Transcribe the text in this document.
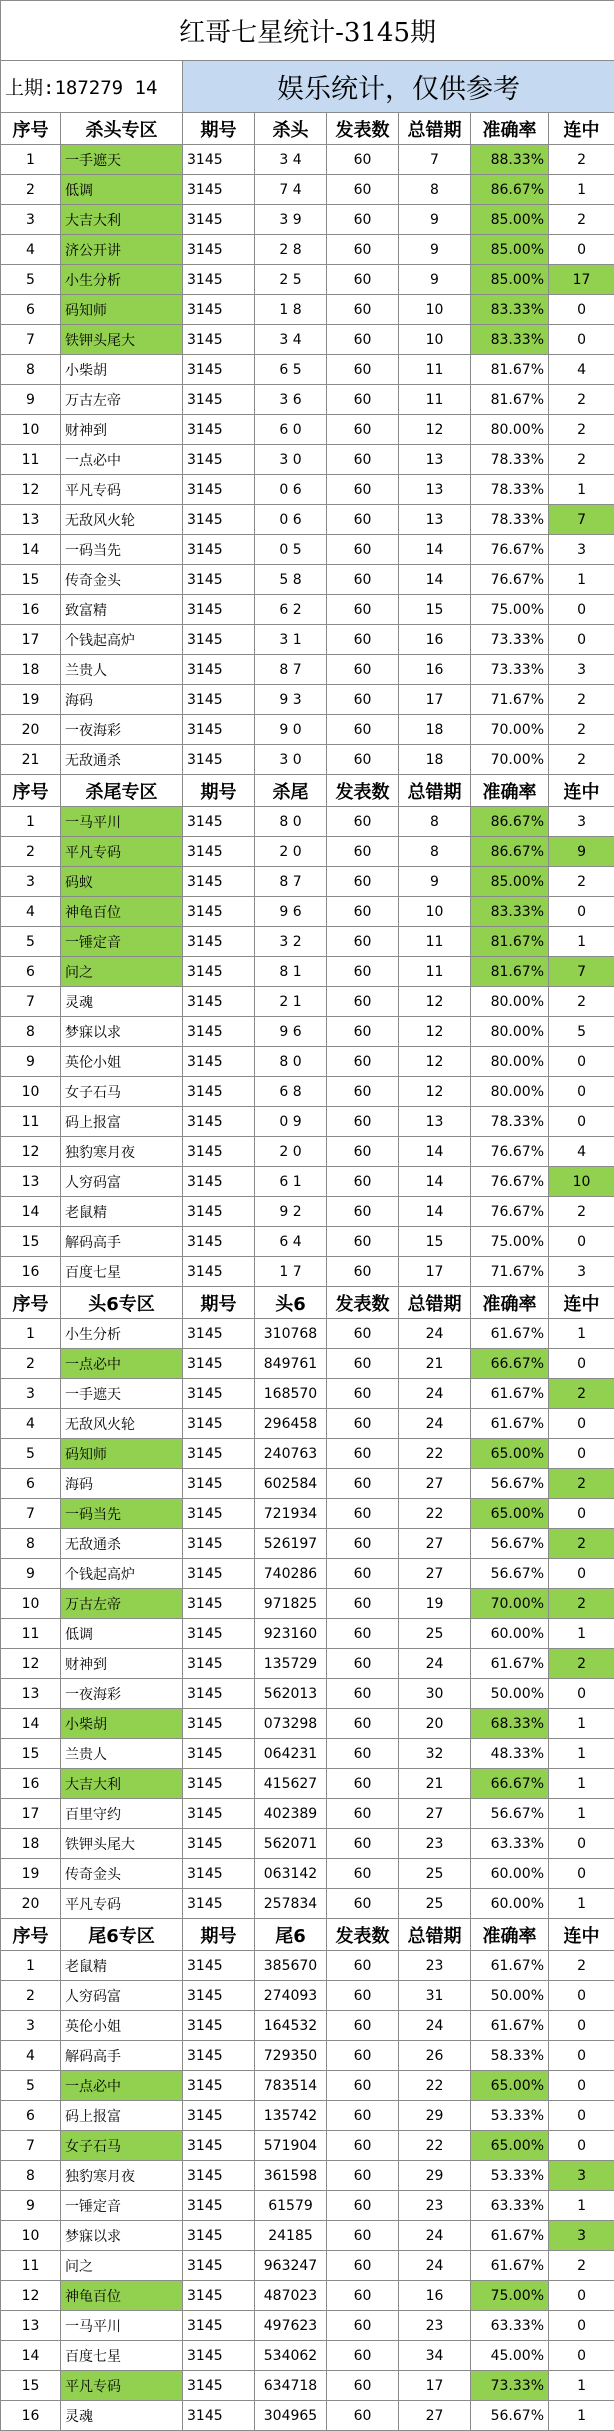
红哥七星统计-3145期							
上期:187279 14		娱乐统计，仅供参考					
序号	杀头专区	期号	杀头	发表数	总错期	准确率	连中
1	一手遮天	3145	3 4	60	7	88.33%	2
2	低调	3145	7 4	60	8	86.67%	1
3	大吉大利	3145	3 9	60	9	85.00%	2
4	济公开讲	3145	2 8	60	9	85.00%	0
5	小生分析	3145	2 5	60	9	85.00%	17
6	码知师	3145	1 8	60	10	83.33%	0
7	铁钾头尾大	3145	3 4	60	10	83.33%	0
8	小柴胡	3145	6 5	60	11	81.67%	4
9	万古左帝	3145	3 6	60	11	81.67%	2
10	财神到	3145	6 0	60	12	80.00%	2
11	一点必中	3145	3 0	60	13	78.33%	2
12	平凡专码	3145	0 6	60	13	78.33%	1
13	无敌风火轮	3145	0 6	60	13	78.33%	7
14	一码当先	3145	0 5	60	14	76.67%	3
15	传奇金头	3145	5 8	60	14	76.67%	1
16	致富精	3145	6 2	60	15	75.00%	0
17	个钱起高炉	3145	3 1	60	16	73.33%	0
18	兰贵人	3145	8 7	60	16	73.33%	3
19	海码	3145	9 3	60	17	71.67%	2
20	一夜海彩	3145	9 0	60	18	70.00%	2
21	无敌通杀	3145	3 0	60	18	70.00%	2
序号	杀尾专区	期号	杀尾	发表数	总错期	准确率	连中
1	一马平川	3145	8 0	60	8	86.67%	3
2	平凡专码	3145	2 0	60	8	86.67%	9
3	码蚁	3145	8 7	60	9	85.00%	2
4	神龟百位	3145	9 6	60	10	83.33%	0
5	一锤定音	3145	3 2	60	11	81.67%	1
6	问之	3145	8 1	60	11	81.67%	7
7	灵魂	3145	2 1	60	12	80.00%	2
8	梦寐以求	3145	9 6	60	12	80.00%	5
9	英伦小姐	3145	8 0	60	12	80.00%	0
10	女子石马	3145	6 8	60	12	80.00%	0
11	码上报富	3145	0 9	60	13	78.33%	0
12	独豹寒月夜	3145	2 0	60	14	76.67%	4
13	人穷码富	3145	6 1	60	14	76.67%	10
14	老鼠精	3145	9 2	60	14	76.67%	2
15	解码高手	3145	6 4	60	15	75.00%	0
16	百度七星	3145	1 7	60	17	71.67%	3
序号	头6专区	期号	头6	发表数	总错期	准确率	连中
1	小生分析	3145	310768	60	24	61.67%	1
2	一点必中	3145	849761	60	21	66.67%	0
3	一手遮天	3145	168570	60	24	61.67%	2
4	无敌风火轮	3145	296458	60	24	61.67%	0
5	码知师	3145	240763	60	22	65.00%	0
6	海码	3145	602584	60	27	56.67%	2
7	一码当先	3145	721934	60	22	65.00%	0
8	无敌通杀	3145	526197	60	27	56.67%	2
9	个钱起高炉	3145	740286	60	27	56.67%	0
10	万古左帝	3145	971825	60	19	70.00%	2
11	低调	3145	923160	60	25	60.00%	1
12	财神到	3145	135729	60	24	61.67%	2
13	一夜海彩	3145	562013	60	30	50.00%	0
14	小柴胡	3145	073298	60	20	68.33%	1
15	兰贵人	3145	064231	60	32	48.33%	1
16	大吉大利	3145	415627	60	21	66.67%	1
17	百里守约	3145	402389	60	27	56.67%	1
18	铁钾头尾大	3145	562071	60	23	63.33%	0
19	传奇金头	3145	063142	60	25	60.00%	0
20	平凡专码	3145	257834	60	25	60.00%	1
序号	尾6专区	期号	尾6	发表数	总错期	准确率	连中
1	老鼠精	3145	385670	60	23	61.67%	2
2	人穷码富	3145	274093	60	31	50.00%	0
3	英伦小姐	3145	164532	60	24	61.67%	0
4	解码高手	3145	729350	60	26	58.33%	0
5	一点必中	3145	783514	60	22	65.00%	0
6	码上报富	3145	135742	60	29	53.33%	0
7	女子石马	3145	571904	60	22	65.00%	0
8	独豹寒月夜	3145	361598	60	29	53.33%	3
9	一锤定音	3145	61579	60	23	63.33%	1
10	梦寐以求	3145	24185	60	24	61.67%	3
11	问之	3145	963247	60	24	61.67%	2
12	神龟百位	3145	487023	60	16	75.00%	0
13	一马平川	3145	497623	60	23	63.33%	0
14	百度七星	3145	534062	60	34	45.00%	0
15	平凡专码	3145	634718	60	17	73.33%	1
16	灵魂	3145	304965	60	27	56.67%	1
